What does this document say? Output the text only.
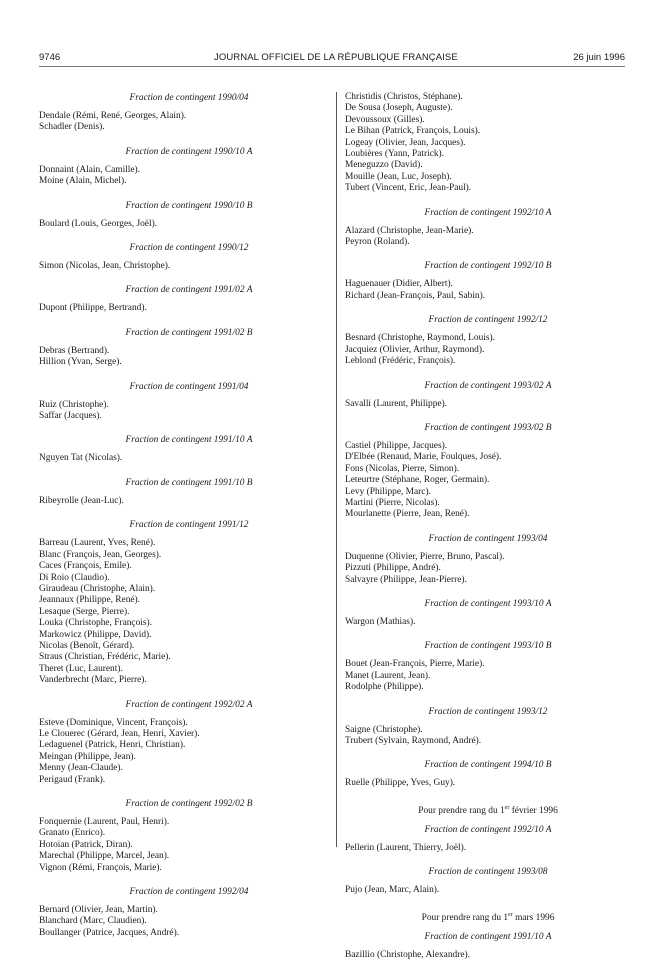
9746	JOURNAL OFFICIEL DE LA RÉPUBLIQUE FRANÇAISE	26 juin 1996
Fraction de contingent 1990/04
Dendale (Rémi, René, Georges, Alain).
Schadler (Denis).
Fraction de contingent 1990/10 A
Donnaint (Alain, Camille).
Moine (Alain, Michel).
Fraction de contingent 1990/10 B
Boulard (Louis, Georges, Joël).
Fraction de contingent 1990/12
Simon (Nicolas, Jean, Christophe).
Fraction de contingent 1991/02 A
Dupont (Philippe, Bertrand).
Fraction de contingent 1991/02 B
Debras (Bertrand).
Hillion (Yvan, Serge).
Fraction de contingent 1991/04
Ruiz (Christophe).
Saffar (Jacques).
Fraction de contingent 1991/10 A
Nguyen Tat (Nicolas).
Fraction de contingent 1991/10 B
Ribeyrolle (Jean-Luc).
Fraction de contingent 1991/12
Barreau (Laurent, Yves, René).
Blanc (François, Jean, Georges).
Caces (François, Emile).
Di Roio (Claudio).
Giraudeau (Christophe, Alain).
Jeannaux (Philippe, René).
Lesaque (Serge, Pierre).
Louka (Christophe, François).
Markowicz (Philippe, David).
Nicolas (Benoît, Gérard).
Straus (Christian, Frédéric, Marie).
Theret (Luc, Laurent).
Vanderbrecht (Marc, Pierre).
Fraction de contingent 1992/02 A
Esteve (Dominique, Vincent, François).
Le Clouerec (Gérard, Jean, Henri, Xavier).
Ledaguenel (Patrick, Henri, Christian).
Meingan (Philippe, Jean).
Menny (Jean-Claude).
Perigaud (Frank).
Fraction de contingent 1992/02 B
Fonquernie (Laurent, Paul, Henri).
Granato (Enrico).
Hotoian (Patrick, Diran).
Marechal (Philippe, Marcel, Jean).
Vignon (Rémi, François, Marie).
Fraction de contingent 1992/04
Bernard (Olivier, Jean, Martin).
Blanchard (Marc, Claudien).
Boullanger (Patrice, Jacques, André).
Christidis (Christos, Stéphane).
De Sousa (Joseph, Auguste).
Devoussoux (Gilles).
Le Bihan (Patrick, François, Louis).
Logeay (Olivier, Jean, Jacques).
Loubières (Yann, Patrick).
Meneguzzo (David).
Mouille (Jean, Luc, Joseph).
Tubert (Vincent, Eric, Jean-Paul).
Fraction de contingent 1992/10 A
Alazard (Christophe, Jean-Marie).
Peyron (Roland).
Fraction de contingent 1992/10 B
Haguenauer (Didier, Albert).
Richard (Jean-François, Paul, Sabin).
Fraction de contingent 1992/12
Besnard (Christophe, Raymond, Louis).
Jacquiez (Olivier, Arthur, Raymond).
Leblond (Frédéric, François).
Fraction de contingent 1993/02 A
Savalli (Laurent, Philippe).
Fraction de contingent 1993/02 B
Castiel (Philippe, Jacques).
D'Elbée (Renaud, Marie, Foulques, José).
Fons (Nicolas, Pierre, Simon).
Leteurtre (Stéphane, Roger, Germain).
Levy (Philippe, Marc).
Martini (Pierre, Nicolas).
Mourlanette (Pierre, Jean, René).
Fraction de contingent 1993/04
Duquenne (Olivier, Pierre, Bruno, Pascal).
Pizzuti (Philippe, André).
Salvayre (Philippe, Jean-Pierre).
Fraction de contingent 1993/10 A
Wargon (Mathias).
Fraction de contingent 1993/10 B
Bouet (Jean-François, Pierre, Marie).
Manet (Laurent, Jean).
Rodolphe (Philippe).
Fraction de contingent 1993/12
Saigne (Christophe).
Trubert (Sylvain, Raymond, André).
Fraction de contingent 1994/10 B
Ruelle (Philippe, Yves, Guy).
Pour prendre rang du 1er février 1996
Fraction de contingent 1992/10 A
Pellerin (Laurent, Thierry, Joël).
Fraction de contingent 1993/08
Pujo (Jean, Marc, Alain).
Pour prendre rang du 1er mars 1996
Fraction de contingent 1991/10 A
Bazillio (Christophe, Alexandre).
